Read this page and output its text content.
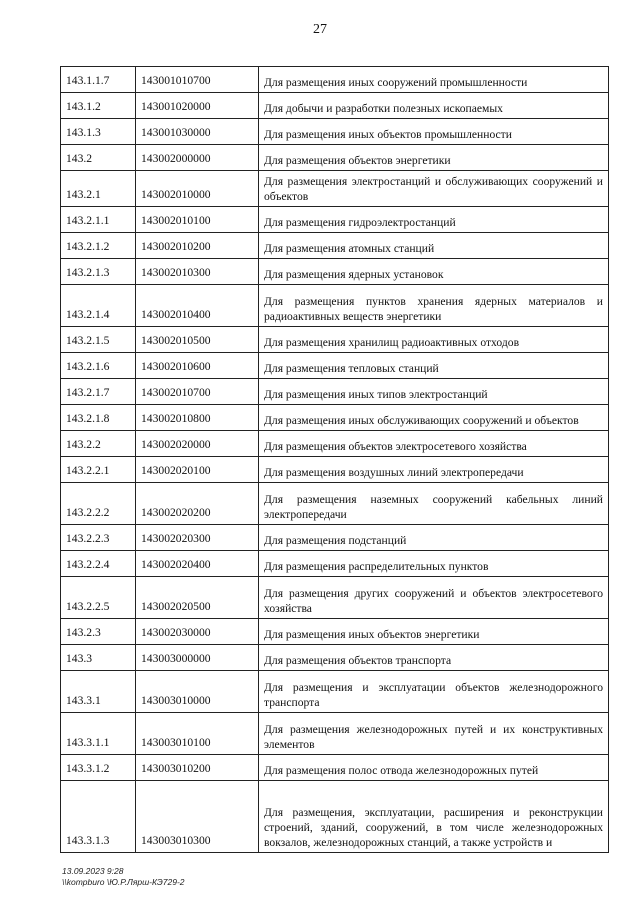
27
143.1.1.7	143001010700	Для размещения иных сооружений промышленности
143.1.2	143001020000	Для добычи и разработки полезных ископаемых
143.1.3	143001030000	Для размещения иных объектов промышленности
143.2	143002000000	Для размещения объектов энергетики
143.2.1	143002010000	Для размещения электростанций и обслуживающих сооружений и объектов
143.2.1.1	143002010100	Для размещения гидроэлектростанций
143.2.1.2	143002010200	Для размещения атомных станций
143.2.1.3	143002010300	Для размещения ядерных установок
143.2.1.4	143002010400	Для размещения пунктов хранения ядерных материалов и радиоактивных веществ энергетики
143.2.1.5	143002010500	Для размещения хранилищ радиоактивных отходов
143.2.1.6	143002010600	Для размещения тепловых станций
143.2.1.7	143002010700	Для размещения иных типов электростанций
143.2.1.8	143002010800	Для размещения иных обслуживающих сооружений и объектов
143.2.2	143002020000	Для размещения объектов электросетевого хозяйства
143.2.2.1	143002020100	Для размещения воздушных линий электропередачи
143.2.2.2	143002020200	Для размещения наземных сооружений кабельных линий электропередачи
143.2.2.3	143002020300	Для размещения подстанций
143.2.2.4	143002020400	Для размещения распределительных пунктов
143.2.2.5	143002020500	Для размещения других сооружений и объектов электросетевого хозяйства
143.2.3	143002030000	Для размещения иных объектов энергетики
143.3	143003000000	Для размещения объектов транспорта
143.3.1	143003010000	Для размещения и эксплуатации объектов железнодорожного транспорта
143.3.1.1	143003010100	Для размещения железнодорожных путей и их конструктивных элементов
143.3.1.2	143003010200	Для размещения полос отвода железнодорожных путей
143.3.1.3	143003010300	Для размещения, эксплуатации, расширения и реконструкции строений, зданий, сооружений, в том числе железнодорожных вокзалов, железнодорожных станций, а также устройств и
13.09.2023 9:28
\\kompburo \Ю.Р.Лярш-КЭ729-2
